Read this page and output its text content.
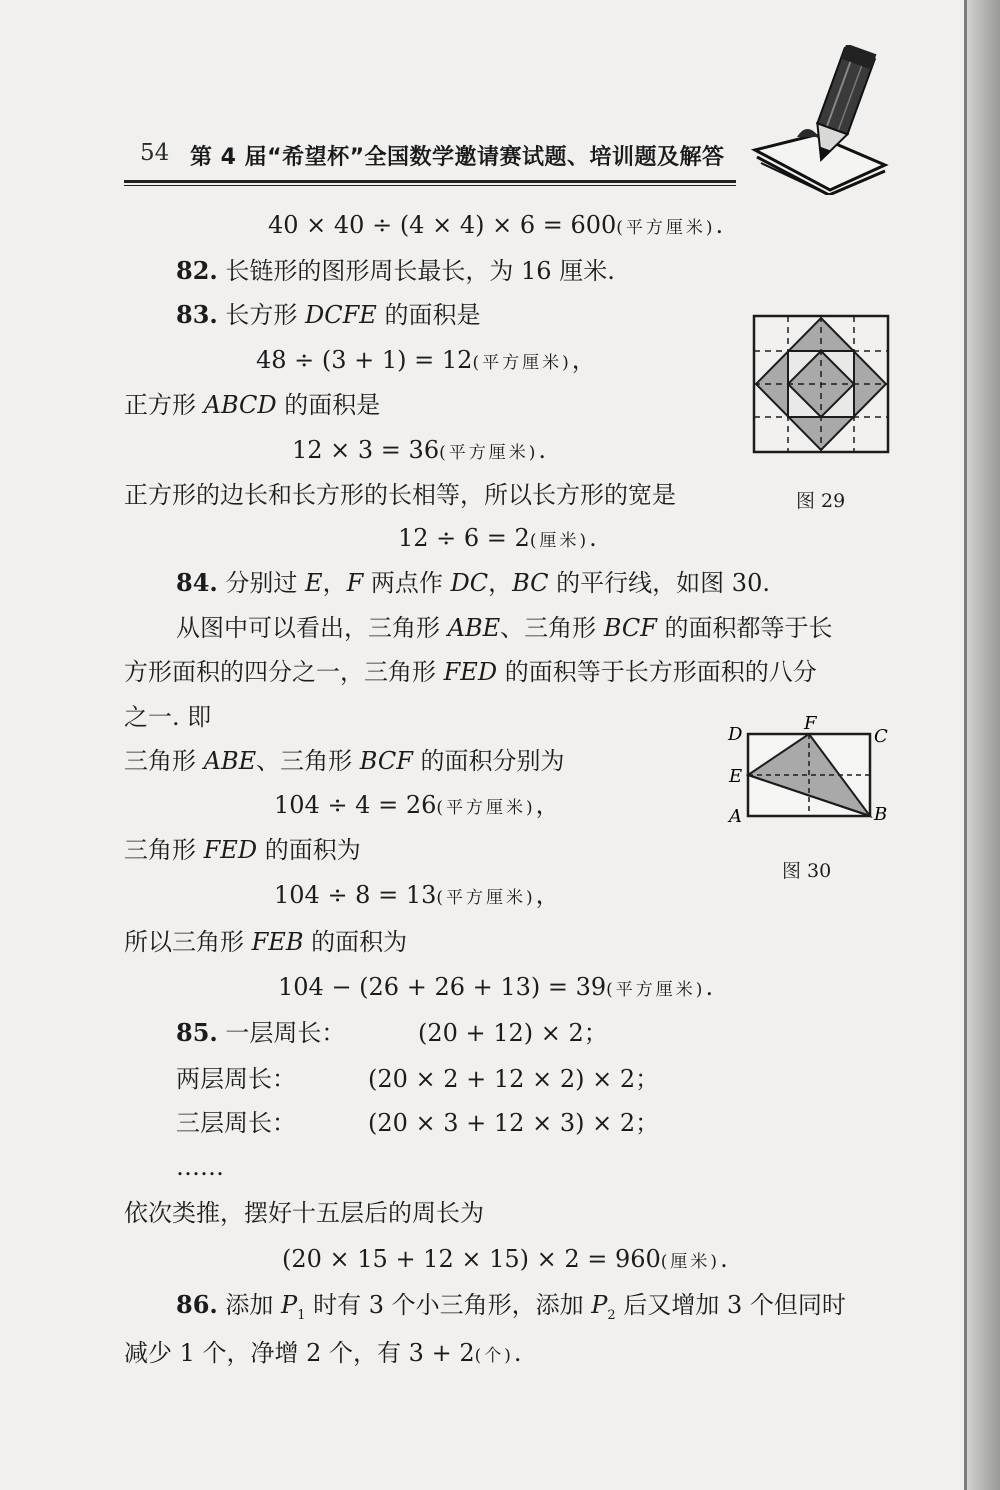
54 第 4 届“希望杯”全国数学邀请赛试题、培训题及解答
40 × 40 ÷ (4 × 4) × 6 = 600(平方厘米).
82. 长链形的图形周长最长，为 16 厘米.
83. 长方形 DCFE 的面积是
48 ÷ (3 + 1) = 12(平方厘米)，
正方形 ABCD 的面积是
12 × 3 = 36(平方厘米).
正方形的边长和长方形的长相等，所以长方形的宽是
12 ÷ 6 = 2(厘米).
84. 分别过 E，F 两点作 DC，BC 的平行线，如图 30.
从图中可以看出，三角形 ABE、三角形 BCF 的面积都等于长
方形面积的四分之一，三角形 FED 的面积等于长方形面积的八分
之一. 即
三角形 ABE、三角形 BCF 的面积分别为
104 ÷ 4 = 26(平方厘米)，
三角形 FED 的面积为
104 ÷ 8 = 13(平方厘米)，
所以三角形 FEB 的面积为
104 − (26 + 26 + 13) = 39(平方厘米).
85. 一层周长：	(20 + 12) × 2；
两层周长：	(20 × 2 + 12 × 2) × 2；
三层周长：	(20 × 3 + 12 × 3) × 2；
……
依次类推，摆好十五层后的周长为
(20 × 15 + 12 × 15) × 2 = 960(厘米).
86. 添加 $P_1$ 时有 3 个小三角形，添加 $P_2$ 后又增加 3 个但同时
减少 1 个，净增 2 个，有 3 + 2(个).
图 29
D
F
C
E
A	B
图 30
